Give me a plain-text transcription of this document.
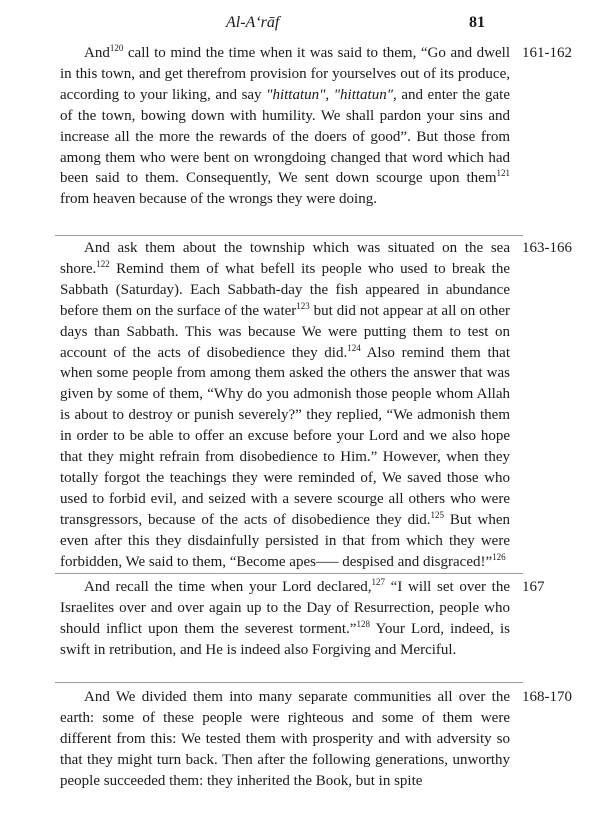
Al-A‘rāf	81

And$^{120}$ call to mind the time when it was said to them, “Go and dwell in this town, and get therefrom provision for yourselves out of its produce, according to your liking, and say "hittatun", "hittatun", and enter the gate of the town, bowing down with humility. We shall pardon your sins and increase all the more the rewards of the doers of good”. But those from among them who were bent on wrongdoing changed that word which had been said to them. Consequently, We sent down scourge upon them$^{121}$ from heaven because of the wrongs they were doing.

161-162

And ask them about the township which was situated on the sea shore.$^{122}$ Remind them of what befell its people who used to break the Sabbath (Saturday). Each Sabbath-day the fish appeared in abundance before them on the surface of the water$^{123}$ but did not appear at all on other days than Sabbath. This was because We were putting them to test on account of the acts of disobedience they did.$^{124}$ Also remind them that when some people from among them asked the others the answer that was given by some of them, “Why do you admonish those people whom Allah is about to destroy or punish severely?” they replied, “We admonish them in order to be able to offer an excuse before your Lord and we also hope that they might refrain from disobedience to Him.” However, when they totally forgot the teachings they were reminded of, We saved those who used to forbid evil, and seized with a severe scourge all others who were transgressors, because of the acts of disobedience they did.$^{125}$ But when even after this they disdainfully persisted in that from which they were forbidden, We said to them, “Become apes—– despised and disgraced!”$^{126}$

163-166

And recall the time when your Lord declared,$^{127}$ “I will set over the Israelites over and over again up to the Day of Resurrection, people who should inflict upon them the severest torment.”$^{128}$ Your Lord, indeed, is swift in retribution, and He is indeed also Forgiving and Merciful.

167

And We divided them into many separate communities all over the earth: some of these people were righteous and some of them were different from this: We tested them with prosperity and with adversity so that they might turn back. Then after the following generations, unworthy people succeeded them: they inherited the Book, but in spite

168-170
